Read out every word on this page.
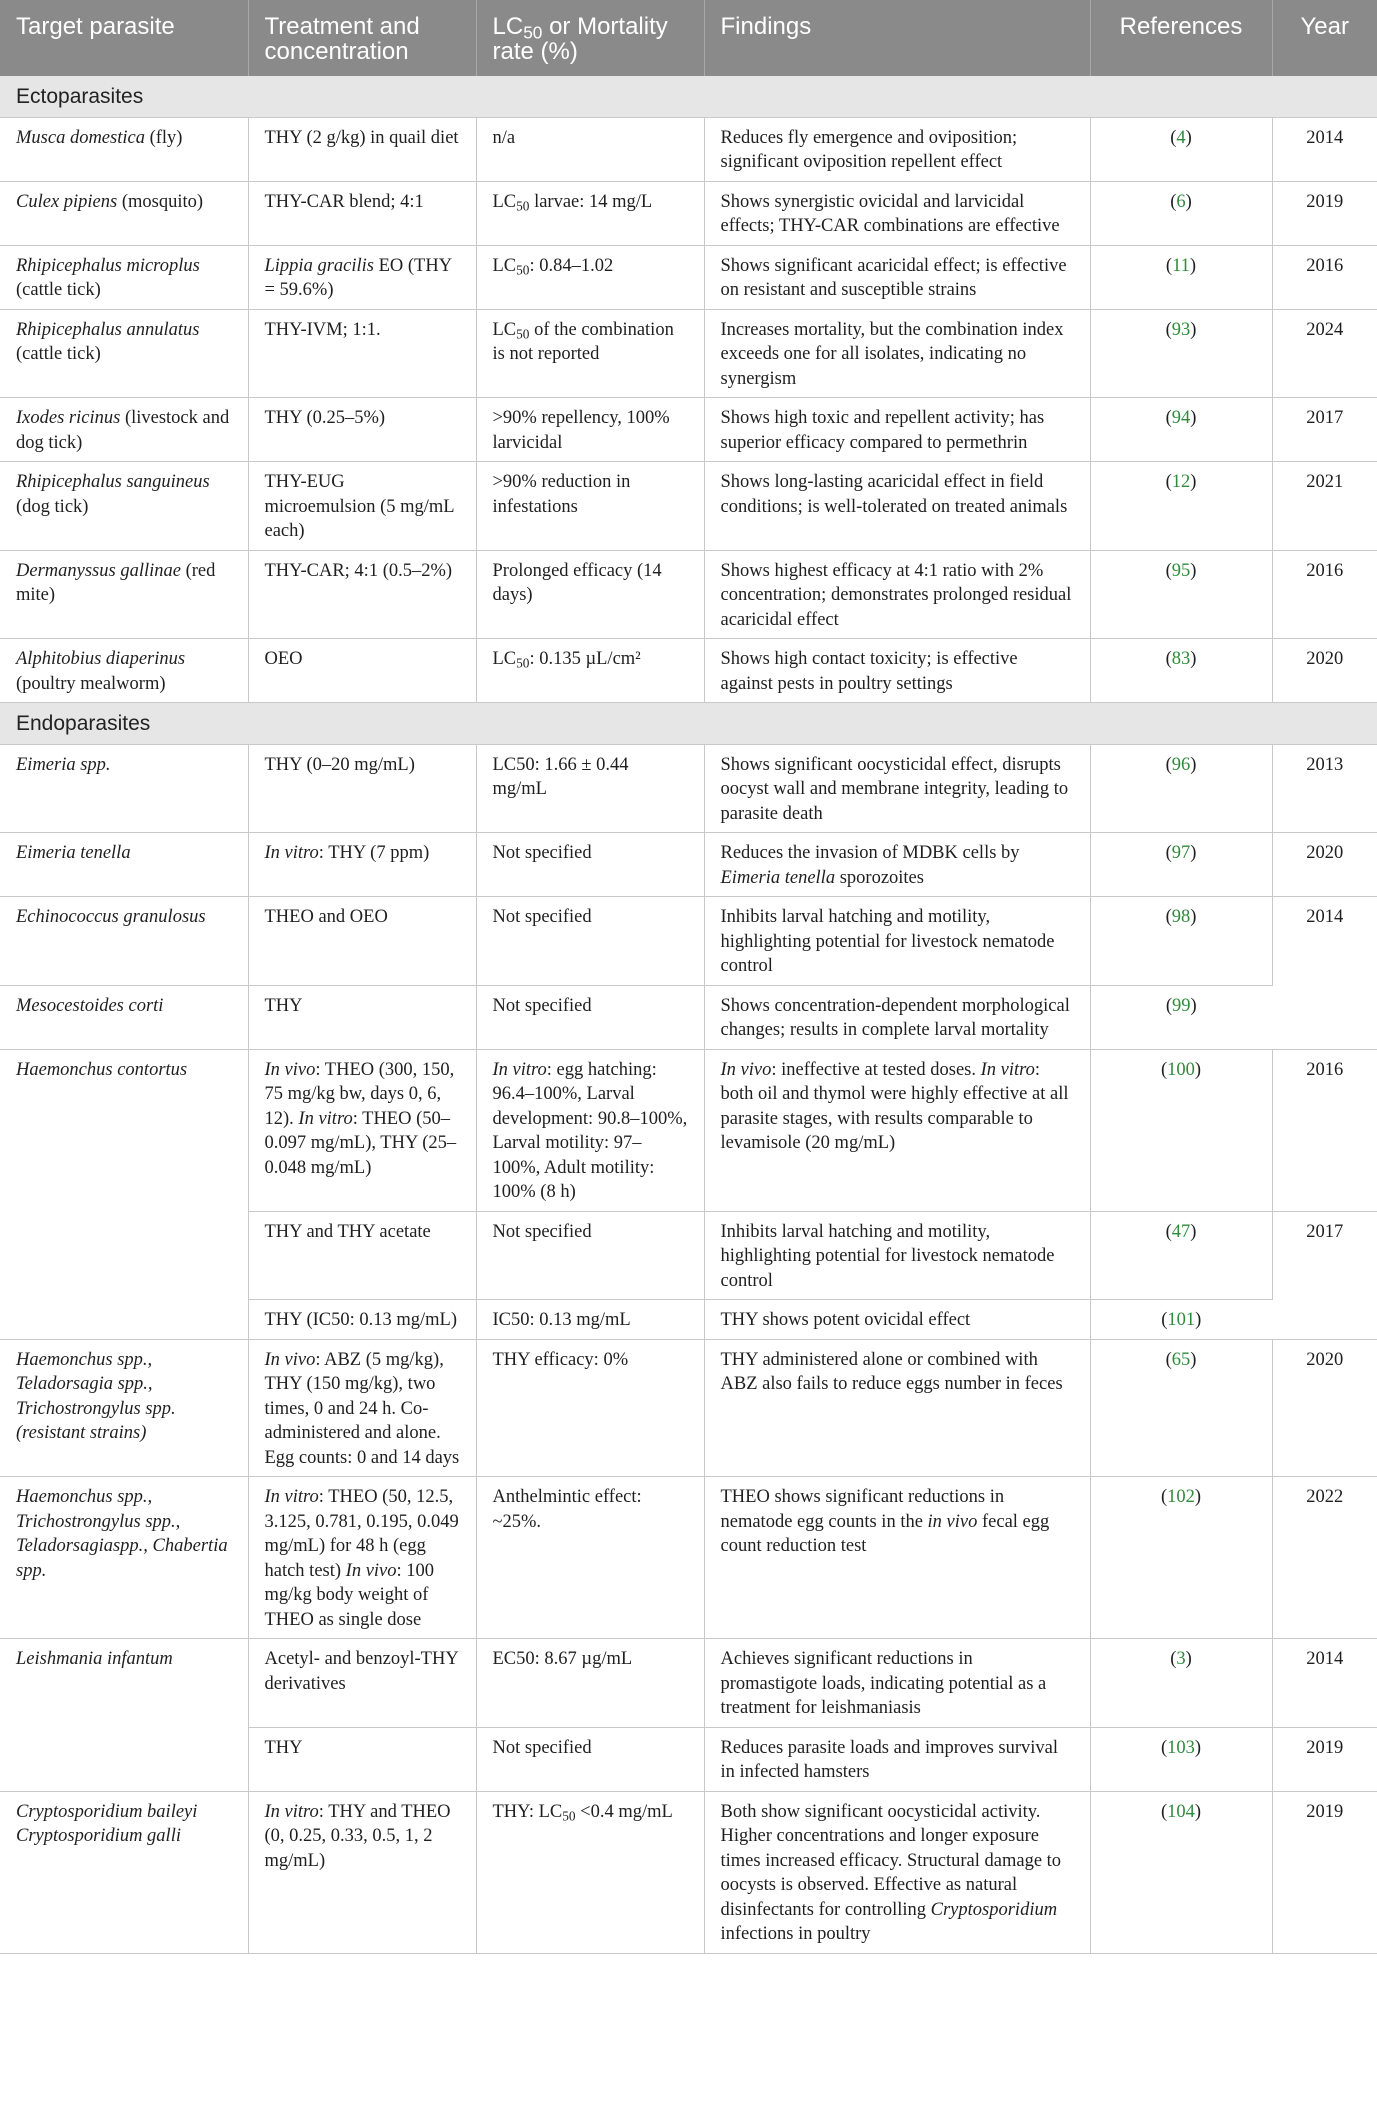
Target parasite	Treatment and concentration	$LC_{50}$ or Mortality rate (%)	Findings	References	Year
Ectoparasites					
Musca domestica (fly)	THY (2 g/kg) in quail diet	n/a	Reduces fly emergence and oviposition; significant oviposition repellent effect	(4)	2014
Culex pipiens (mosquito)	THY-CAR blend; 4:1	$LC_{50}$ larvae: 14 mg/L	Shows synergistic ovicidal and larvicidal effects; THY-CAR combinations are effective	(6)	2019
Rhipicephalus microplus (cattle tick)	Lippia gracilis EO (THY = 59.6%)	$LC_{50}$: 0.84–1.02	Shows significant acaricidal effect; is effective on resistant and susceptible strains	(11)	2016
Rhipicephalus annulatus (cattle tick)	THY-IVM; 1:1.	$LC_{50}$ of the combination is not reported	Increases mortality, but the combination index exceeds one for all isolates, indicating no synergism	(93)	2024
Ixodes ricinus (livestock and dog tick)	THY (0.25–5%)	>90% repellency, 100% larvicidal	Shows high toxic and repellent activity; has superior efficacy compared to permethrin	(94)	2017
Rhipicephalus sanguineus (dog tick)	THY-EUG microemulsion (5 mg/mL each)	>90% reduction in infestations	Shows long-lasting acaricidal effect in field conditions; is well-tolerated on treated animals	(12)	2021
Dermanyssus gallinae (red mite)	THY-CAR; 4:1 (0.5–2%)	Prolonged efficacy (14 days)	Shows highest efficacy at 4:1 ratio with 2% concentration; demonstrates prolonged residual acaricidal effect	(95)	2016
Alphitobius diaperinus (poultry mealworm)	OEO	$LC_{50}$: 0.135 µL/cm²	Shows high contact toxicity; is effective against pests in poultry settings	(83)	2020
Endoparasites					
Eimeria spp.	THY (0–20 mg/mL)	LC50: 1.66 ± 0.44 mg/mL	Shows significant oocysticidal effect, disrupts oocyst wall and membrane integrity, leading to parasite death	(96)	2013
Eimeria tenella	In vitro: THY (7 ppm)	Not specified	Reduces the invasion of MDBK cells by Eimeria tenella sporozoites	(97)	2020
Echinococcus granulosus	THEO and OEO	Not specified	Inhibits larval hatching and motility, highlighting potential for livestock nematode control	(98)	2014
Mesocestoides corti	THY	Not specified	Shows concentration-dependent morphological changes; results in complete larval mortality	(99)	
Haemonchus contortus	In vivo: THEO (300, 150, 75 mg/kg bw, days 0, 6, 12). In vitro: THEO (50–0.097 mg/mL), THY (25–0.048 mg/mL)	In vitro: egg hatching: 96.4–100%, Larval development: 90.8–100%, Larval motility: 97–100%, Adult motility: 100% (8 h)	In vivo: ineffective at tested doses. In vitro: both oil and thymol were highly effective at all parasite stages, with results comparable to levamisole (20 mg/mL)	(100)	2016
	THY and THY acetate	Not specified	Inhibits larval hatching and motility, highlighting potential for livestock nematode control	(47)	2017
	THY (IC50: 0.13 mg/mL)	IC50: 0.13 mg/mL	THY shows potent ovicidal effect	(101)	
Haemonchus spp., Teladorsagia spp., Trichostrongylus spp. (resistant strains)	In vivo: ABZ (5 mg/kg), THY (150 mg/kg), two times, 0 and 24 h. Co-administered and alone. Egg counts: 0 and 14 days	THY efficacy: 0%	THY administered alone or combined with ABZ also fails to reduce eggs number in feces	(65)	2020
Haemonchus spp., Trichostrongylus spp., Teladorsagiaspp., Chabertia spp.	In vitro: THEO (50, 12.5, 3.125, 0.781, 0.195, 0.049 mg/mL) for 48 h (egg hatch test) In vivo: 100 mg/kg body weight of THEO as single dose	Anthelmintic effect: ~25%.	THEO shows significant reductions in nematode egg counts in the in vivo fecal egg count reduction test	(102)	2022
Leishmania infantum	Acetyl- and benzoyl-THY derivatives	EC50: 8.67 µg/mL	Achieves significant reductions in promastigote loads, indicating potential as a treatment for leishmaniasis	(3)	2014
	THY	Not specified	Reduces parasite loads and improves survival in infected hamsters	(103)	2019
Cryptosporidium baileyi Cryptosporidium galli	In vitro: THY and THEO (0, 0.25, 0.33, 0.5, 1, 2 mg/mL)	THY: $LC_{50} <0.4$ mg/mL	Both show significant oocysticidal activity. Higher concentrations and longer exposure times increased efficacy. Structural damage to oocysts is observed. Effective as natural disinfectants for controlling Cryptosporidium infections in poultry	(104)	2019
